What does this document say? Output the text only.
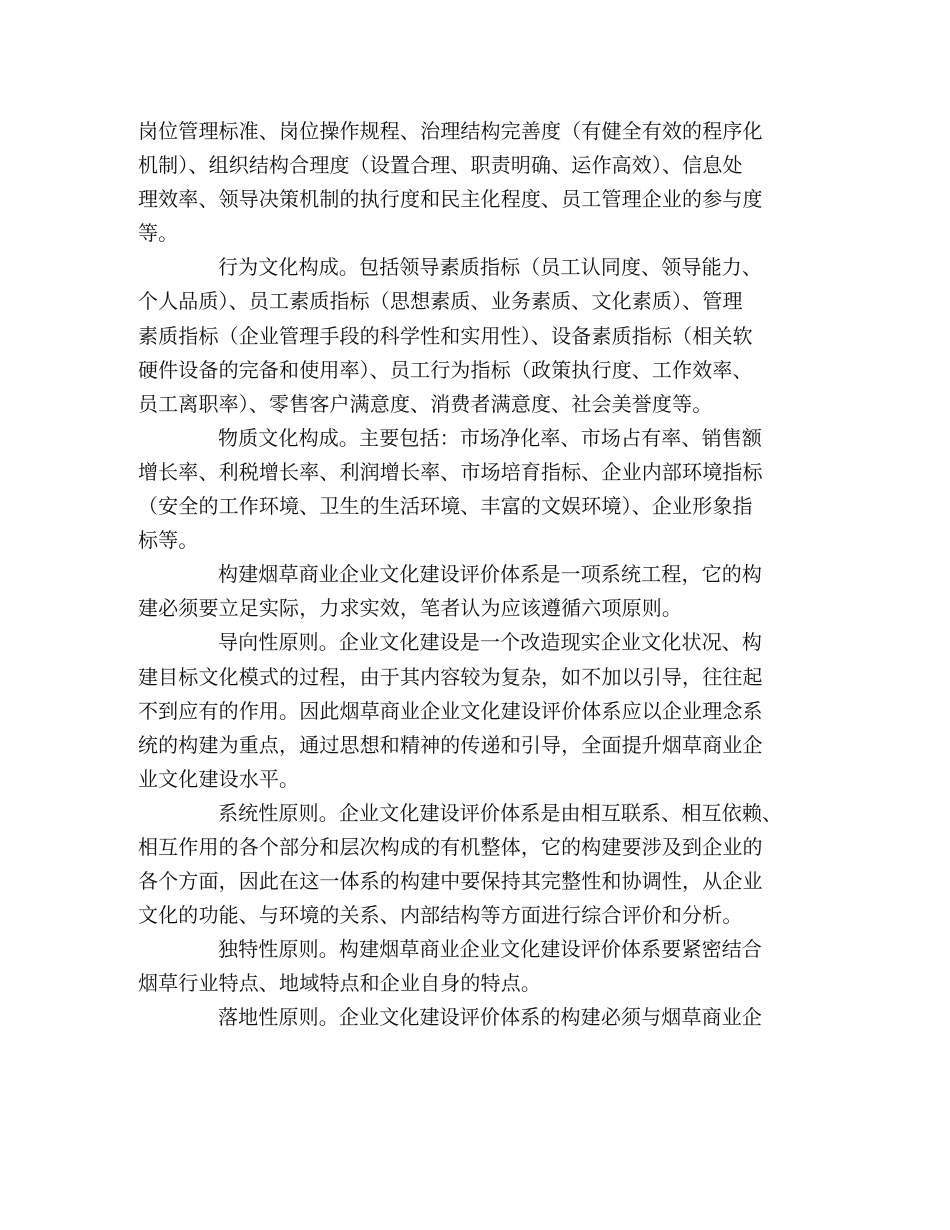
岗位管理标准、岗位操作规程、治理结构完善度（有健全有效的程序化
机制）、组织结构合理度（设置合理、职责明确、运作高效）、信息处
理效率、领导决策机制的执行度和民主化程度、员工管理企业的参与度
等。
行为文化构成。包括领导素质指标（员工认同度、领导能力、
个人品质）、员工素质指标（思想素质、业务素质、文化素质）、管理
素质指标（企业管理手段的科学性和实用性）、设备素质指标（相关软
硬件设备的完备和使用率）、员工行为指标（政策执行度、工作效率、
员工离职率）、零售客户满意度、消费者满意度、社会美誉度等。
物质文化构成。主要包括：市场净化率、市场占有率、销售额
增长率、利税增长率、利润增长率、市场培育指标、企业内部环境指标
（安全的工作环境、卫生的生活环境、丰富的文娱环境）、企业形象指
标等。
构建烟草商业企业文化建设评价体系是一项系统工程，它的构
建必须要立足实际，力求实效，笔者认为应该遵循六项原则。
导向性原则。企业文化建设是一个改造现实企业文化状况、构
建目标文化模式的过程，由于其内容较为复杂，如不加以引导，往往起
不到应有的作用。因此烟草商业企业文化建设评价体系应以企业理念系
统的构建为重点，通过思想和精神的传递和引导，全面提升烟草商业企
业文化建设水平。
系统性原则。企业文化建设评价体系是由相互联系、相互依赖、
相互作用的各个部分和层次构成的有机整体，它的构建要涉及到企业的
各个方面，因此在这一体系的构建中要保持其完整性和协调性，从企业
文化的功能、与环境的关系、内部结构等方面进行综合评价和分析。
独特性原则。构建烟草商业企业文化建设评价体系要紧密结合
烟草行业特点、地域特点和企业自身的特点。
落地性原则。企业文化建设评价体系的构建必须与烟草商业企
